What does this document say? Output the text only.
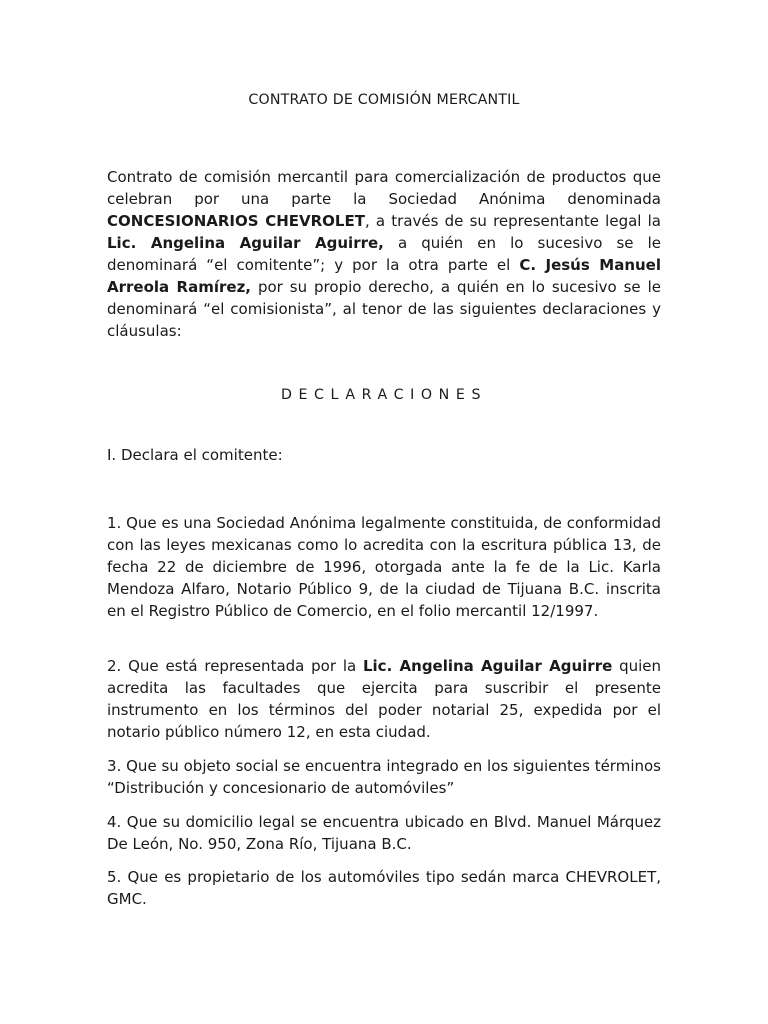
CONTRATO DE COMISIÓN MERCANTIL
Contrato de comisión mercantil para comercialización de productos que celebran por una parte la Sociedad Anónima denominada CONCESIONARIOS CHEVROLET, a través de su representante legal la Lic. Angelina Aguilar Aguirre, a quién en lo sucesivo se le denominará “el comitente”; y por la otra parte el C. Jesús Manuel Arreola Ramírez, por su propio derecho, a quién en lo sucesivo se le denominará “el comisionista”, al tenor de las siguientes declaraciones y cláusulas:
DECLARACIONES
I. Declara el comitente:
1. Que es una Sociedad Anónima legalmente constituida, de conformidad con las leyes mexicanas como lo acredita con la escritura pública 13, de fecha 22 de diciembre de 1996, otorgada ante la fe de la Lic. Karla Mendoza Alfaro, Notario Público 9, de la ciudad de Tijuana B.C. inscrita en el Registro Público de Comercio, en el folio mercantil 12/1997.
2. Que está representada por la Lic. Angelina Aguilar Aguirre quien acredita las facultades que ejercita para suscribir el presente instrumento en los términos del poder notarial 25, expedida por el notario público número 12, en esta ciudad.
3. Que su objeto social se encuentra integrado en los siguientes términos “Distribución y concesionario de automóviles”
4. Que su domicilio legal se encuentra ubicado en Blvd. Manuel Márquez De León, No. 950, Zona Río, Tijuana B.C.
5. Que es propietario de los automóviles tipo sedán marca CHEVROLET, GMC.
